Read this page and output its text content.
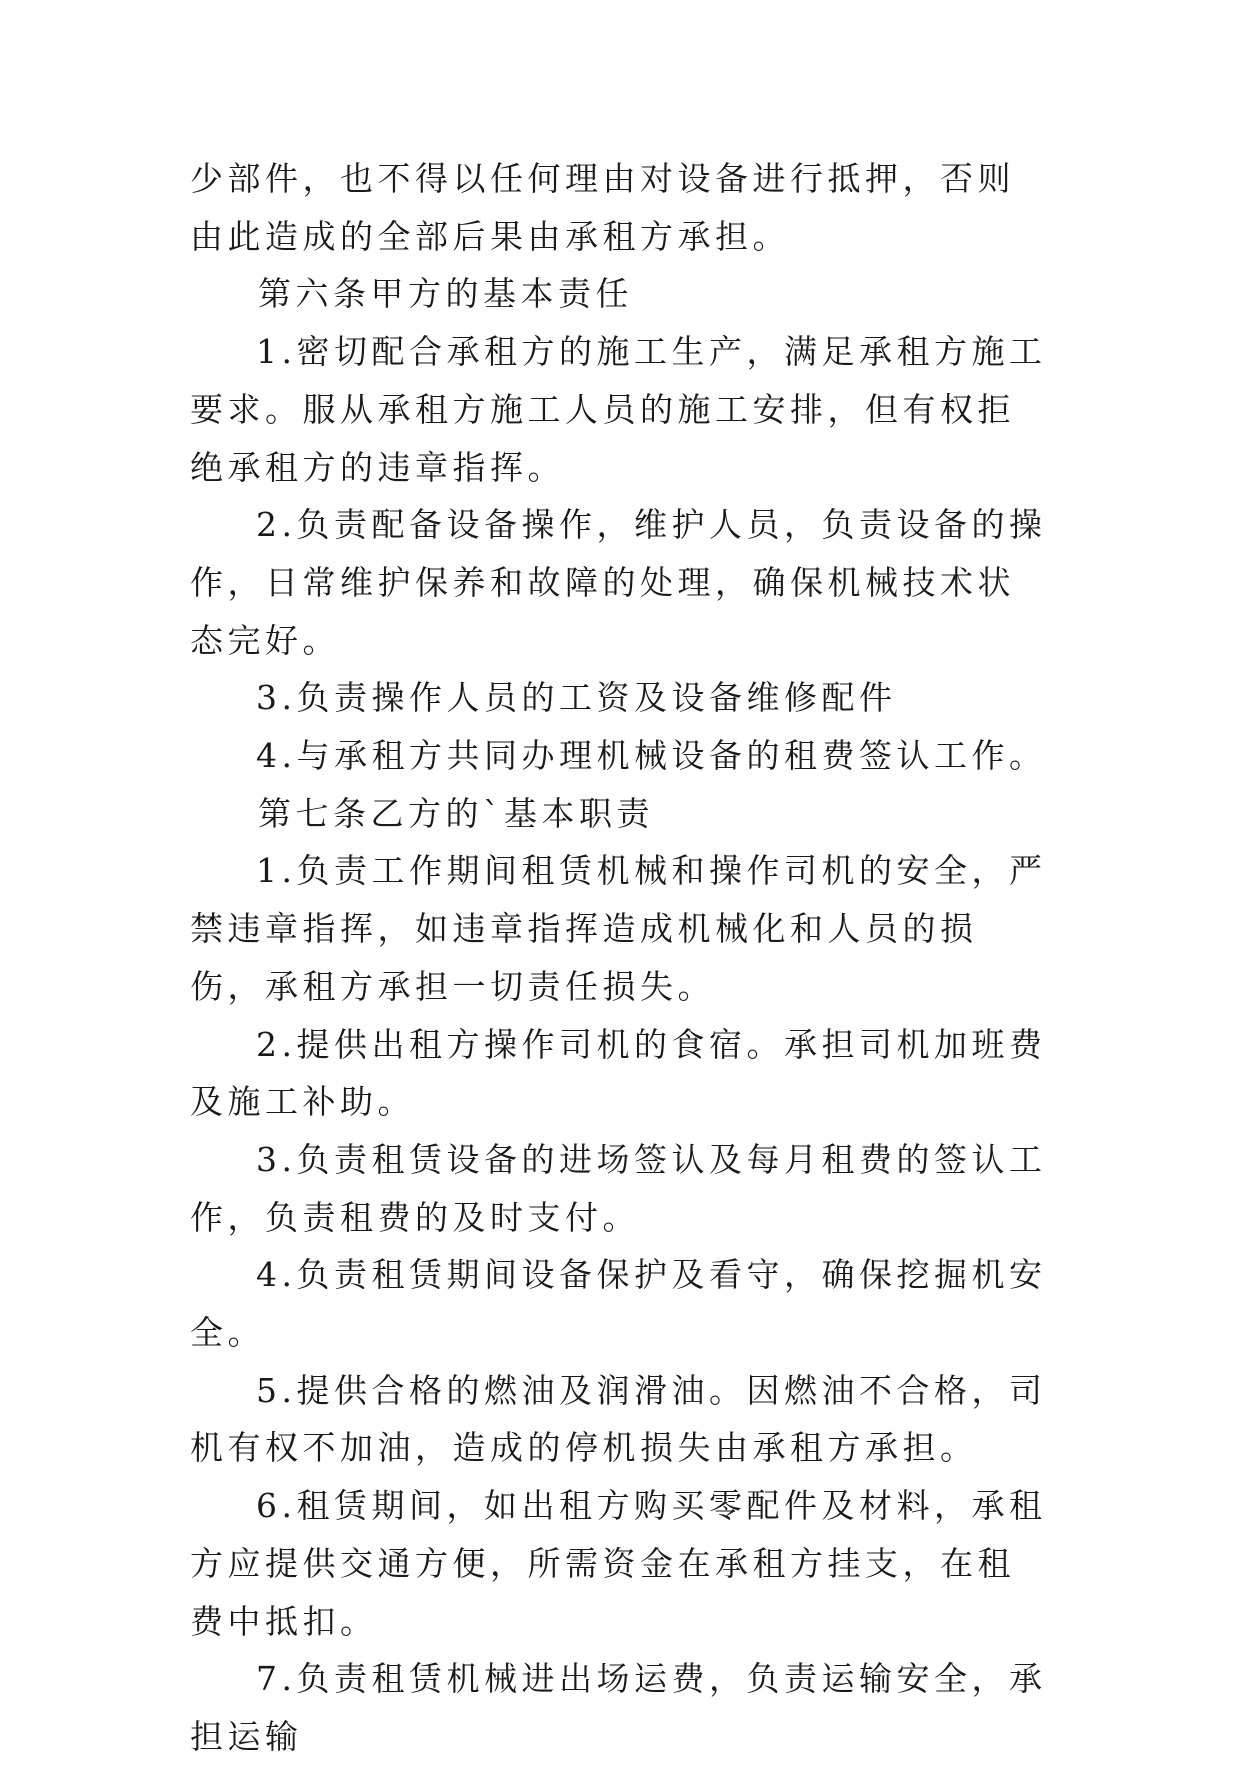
少部件，也不得以任何理由对设备进行抵押，否则由此造成的全部后果由承租方承担。

第六条甲方的基本责任

1.密切配合承租方的施工生产，满足承租方施工要求。服从承租方施工人员的施工安排，但有权拒绝承租方的违章指挥。

2.负责配备设备操作，维护人员，负责设备的操作，日常维护保养和故障的处理，确保机械技术状态完好。

3.负责操作人员的工资及设备维修配件

4.与承租方共同办理机械设备的租费签认工作。

第七条乙方的`基本职责

1.负责工作期间租赁机械和操作司机的安全，严禁违章指挥，如违章指挥造成机械化和人员的损伤，承租方承担一切责任损失。

2.提供出租方操作司机的食宿。承担司机加班费及施工补助。

3.负责租赁设备的进场签认及每月租费的签认工作，负责租费的及时支付。

4.负责租赁期间设备保护及看守，确保挖掘机安全。

5.提供合格的燃油及润滑油。因燃油不合格，司机有权不加油，造成的停机损失由承租方承担。

6.租赁期间，如出租方购买零配件及材料，承租方应提供交通方便，所需资金在承租方挂支，在租费中抵扣。

7.负责租赁机械进出场运费，负责运输安全，承担运输
